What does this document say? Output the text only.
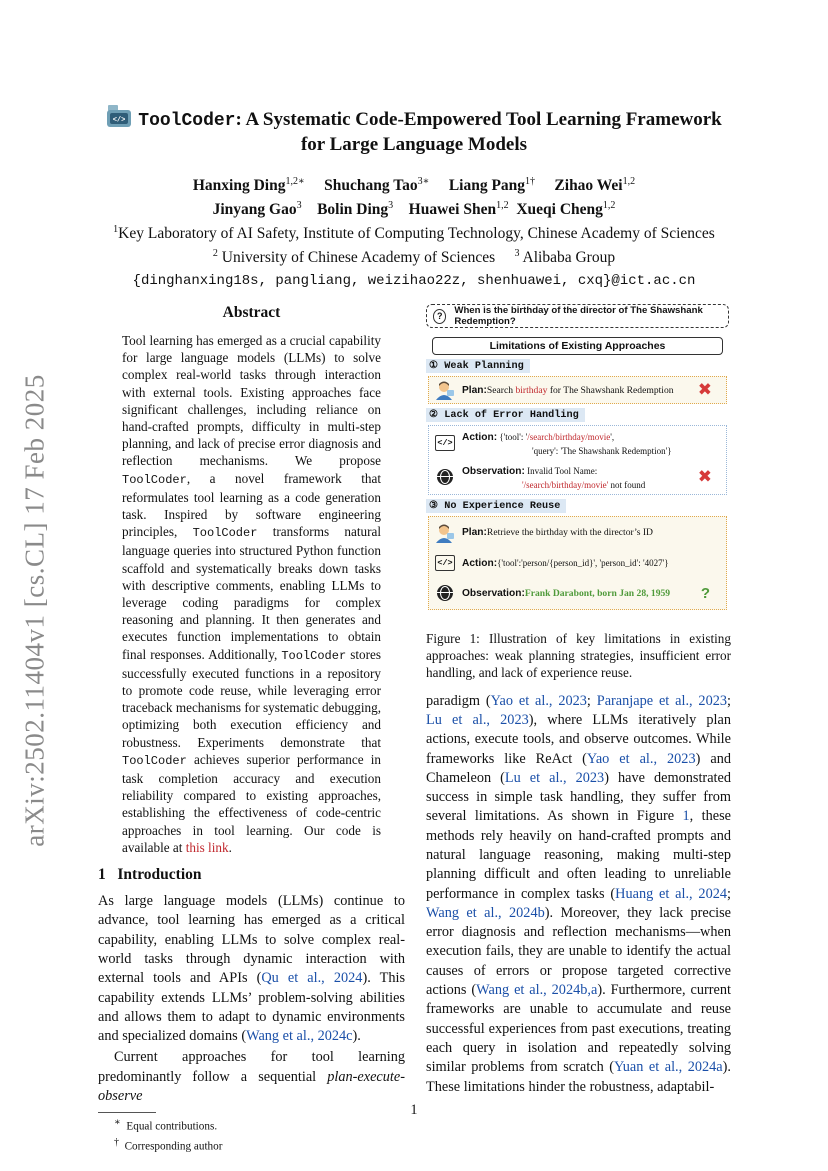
arXiv:2502.11404v1 [cs.CL] 17 Feb 2025
</> ToolCoder: A Systematic Code-Empowered Tool Learning Framework
for Large Language Models
Hanxing Ding$^{1,2∗}$ Shuchang Tao$^{3∗}$ Liang Pang$^{1\dagger}$ Zihao Wei$^{1,2}$
Jinyang Gao$^3$ Bolin Ding$^3$ Huawei Shen$^{1,2}$ Xueqi Cheng$^{1,2}$
$^1$Key Laboratory of AI Safety, Institute of Computing Technology, Chinese Academy of Sciences
$^2$ University of Chinese Academy of Sciences $^3$ Alibaba Group
{dinghanxing18s, pangliang, weizihao22z, shenhuawei, cxq}@ict.ac.cn
Abstract
Tool learning has emerged as a crucial capability for large language models (LLMs) to solve complex real-world tasks through interaction with external tools. Existing approaches face significant challenges, including reliance on hand-crafted prompts, difficulty in multi-step planning, and lack of precise error diagnosis and reflection mechanisms. We propose ToolCoder, a novel framework that reformulates tool learning as a code generation task. Inspired by software engineering principles, ToolCoder transforms natural language queries into structured Python function scaffold and systematically breaks down tasks with descriptive comments, enabling LLMs to leverage coding paradigms for complex reasoning and planning. It then generates and executes function implementations to obtain final responses. Additionally, ToolCoder stores successfully executed functions in a repository to promote code reuse, while leveraging error traceback mechanisms for systematic debugging, optimizing both execution efficiency and robustness. Experiments demonstrate that ToolCoder achieves superior performance in task completion accuracy and execution reliability compared to existing approaches, establishing the effectiveness of code-centric approaches in tool learning. Our code is available at this link.
1 Introduction
As large language models (LLMs) continue to advance, tool learning has emerged as a critical capability, enabling LLMs to solve complex real-world tasks through dynamic interaction with external tools and APIs (Qu et al., 2024). This capability extends LLMs’ problem-solving abilities and allows them to adapt to dynamic environments and specialized domains (Wang et al., 2024c).
Current approaches for tool learning predominantly follow a sequential plan-execute-observe
∗ Equal contributions.
† Corresponding author
?	When is the birthday of the director of The Shawshank Redemption?
Limitations of Existing Approaches
① Weak Planning
Plan: Search birthday for The Shawshank Redemption ✖
② Lack of Error Handling
</>
Action: {'tool': '/search/birthday/movie',
'query': 'The Shawshank Redemption'}
Observation: Invalid Tool Name:
'/search/birthday/movie' not found	✖
③ No Experience Reuse
Plan: Retrieve the birthday with the director’s ID
</> Action: {'tool':'person/{person_id}', 'person_id': '4027'}
Observation: Frank Darabont, born Jan 28, 1959 ?
Figure 1: Illustration of key limitations in existing approaches: weak planning strategies, insufficient error handling, and lack of experience reuse.
paradigm (Yao et al., 2023; Paranjape et al., 2023; Lu et al., 2023), where LLMs iteratively plan actions, execute tools, and observe outcomes. While frameworks like ReAct (Yao et al., 2023) and Chameleon (Lu et al., 2023) have demonstrated success in simple task handling, they suffer from several limitations. As shown in Figure 1, these methods rely heavily on hand-crafted prompts and natural language reasoning, making multi-step planning difficult and often leading to unreliable performance in complex tasks (Huang et al., 2024; Wang et al., 2024b). Moreover, they lack precise error diagnosis and reflection mechanisms—when execution fails, they are unable to identify the actual causes of errors or propose targeted corrective actions (Wang et al., 2024b,a). Furthermore, current frameworks are unable to accumulate and reuse successful experiences from past executions, treating each query in isolation and repeatedly solving similar problems from scratch (Yuan et al., 2024a). These limitations hinder the robustness, adaptabil-
1
